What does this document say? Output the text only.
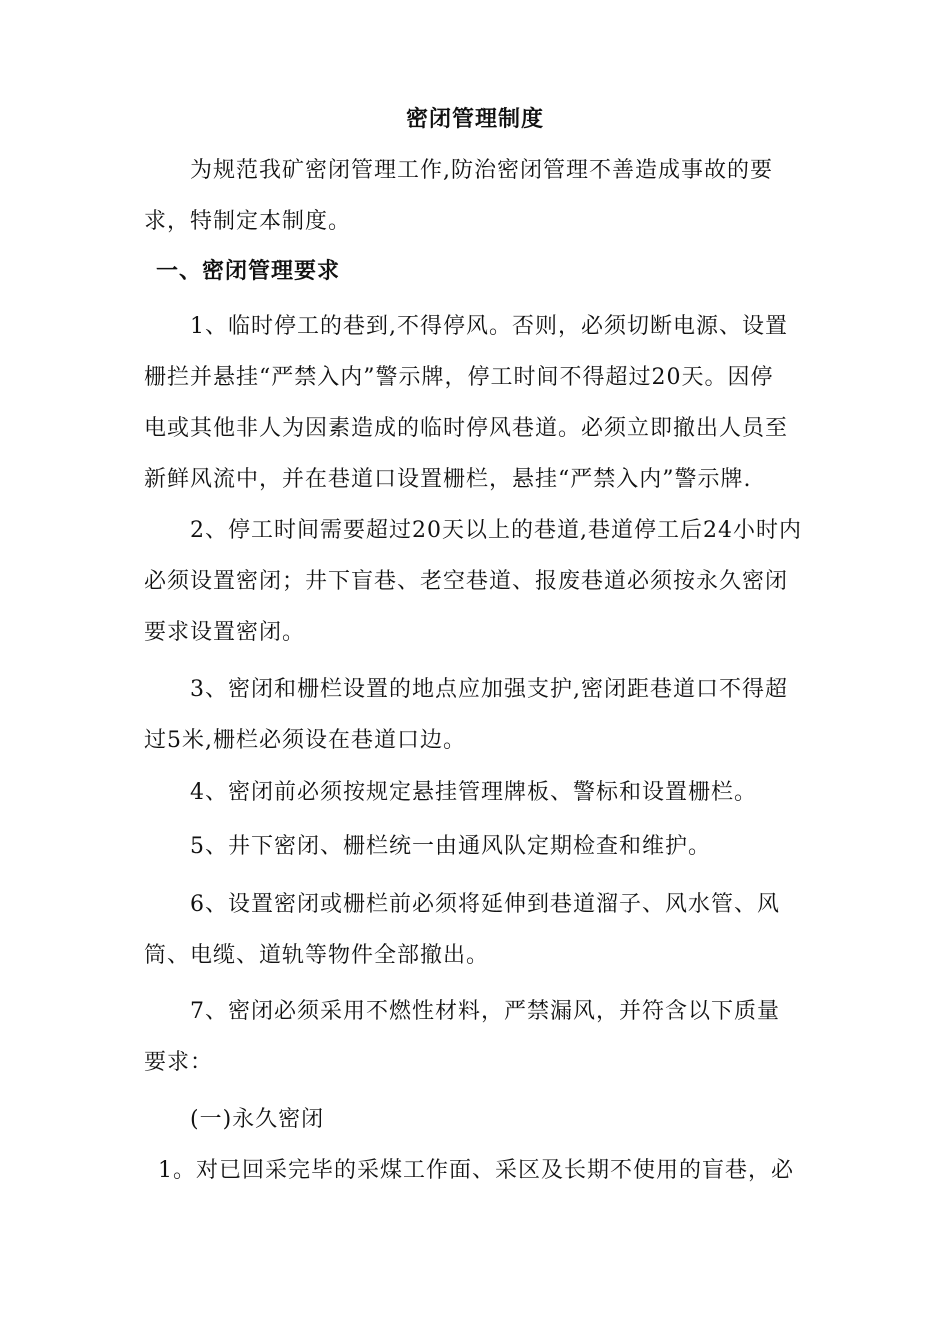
密闭管理制度
为规范我矿密闭管理工作,防治密闭管理不善造成事故的要
求，特制定本制度。
一、密闭管理要求
1、临时停工的巷到,不得停风。否则，必须切断电源、设置
栅拦并悬挂“严禁入内”警示牌，停工时间不得超过20天。因停
电或其他非人为因素造成的临时停风巷道。必须立即撤出人员至
新鲜风流中，并在巷道口设置栅栏，悬挂“严禁入内”警示牌.
2、停工时间需要超过20天以上的巷道,巷道停工后24小时内
必须设置密闭；井下盲巷、老空巷道、报废巷道必须按永久密闭
要求设置密闭。
3、密闭和栅栏设置的地点应加强支护,密闭距巷道口不得超
过5米,栅栏必须设在巷道口边。
4、密闭前必须按规定悬挂管理牌板、警标和设置栅栏。
5、井下密闭、栅栏统一由通风队定期检查和维护。
6、设置密闭或栅栏前必须将延伸到巷道溜子、风水管、风
筒、电缆、道轨等物件全部撤出。
7、密闭必须采用不燃性材料，严禁漏风，并符含以下质量
要求：
(一)永久密闭
1。对已回采完毕的采煤工作面、采区及长期不使用的盲巷，必
